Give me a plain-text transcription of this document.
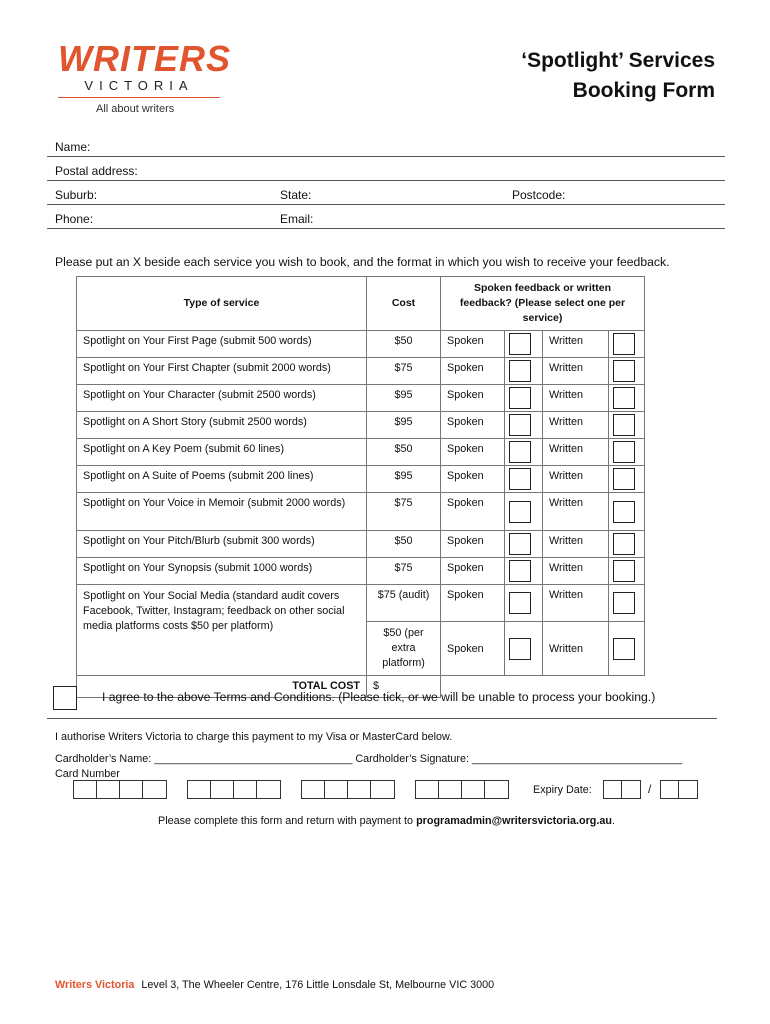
WRITERS
VICTORIA
All about writers
‘Spotlight’ Services
Booking Form
Name:
Postal address:
Suburb:	State:	Postcode:
Phone:	Email:
Please put an X beside each service you wish to book, and the format in which you wish to receive your feedback.
Type of service	Cost	Spoken feedback or written feedback? (Please select one per service)			
Spotlight on Your First Page (submit 500 words)	$50	Spoken		Written	

Spotlight on Your First Chapter (submit 2000 words)	$75	Spoken		Written	

Spotlight on Your Character (submit 2500 words)	$95	Spoken		Written	

Spotlight on A Short Story (submit 2500 words)	$95	Spoken		Written	

Spotlight on A Key Poem (submit 60 lines)	$50	Spoken		Written	

Spotlight on A Suite of Poems (submit 200 lines)	$95	Spoken		Written	

Spotlight on Your Voice in Memoir (submit 2000 words)	$75	Spoken		Written	

Spotlight on Your Pitch/Blurb (submit 300 words)	$50	Spoken		Written	

Spotlight on Your Synopsis (submit 1000 words)	$75	Spoken		Written	

Spotlight on Your Social Media (standard audit covers Facebook, Twitter, Instagram; feedback on other social media platforms costs $50 per platform)	$75 (audit)	Spoken		Written	

	$50 (per extra platform)	Spoken		Written	

TOTAL COST	$				
I agree to the above Terms and Conditions. (Please tick, or we will be unable to process your booking.)
I authorise Writers Victoria to charge this payment to my Visa or MasterCard below.
Cardholder’s Name: _________________________________ Cardholder’s Signature: ___________________________________
Card Number
Expiry Date:	/
Please complete this form and return with payment to programadmin@writersvictoria.org.au.
Writers Victoria Level 3, The Wheeler Centre, 176 Little Lonsdale St, Melbourne VIC 3000
